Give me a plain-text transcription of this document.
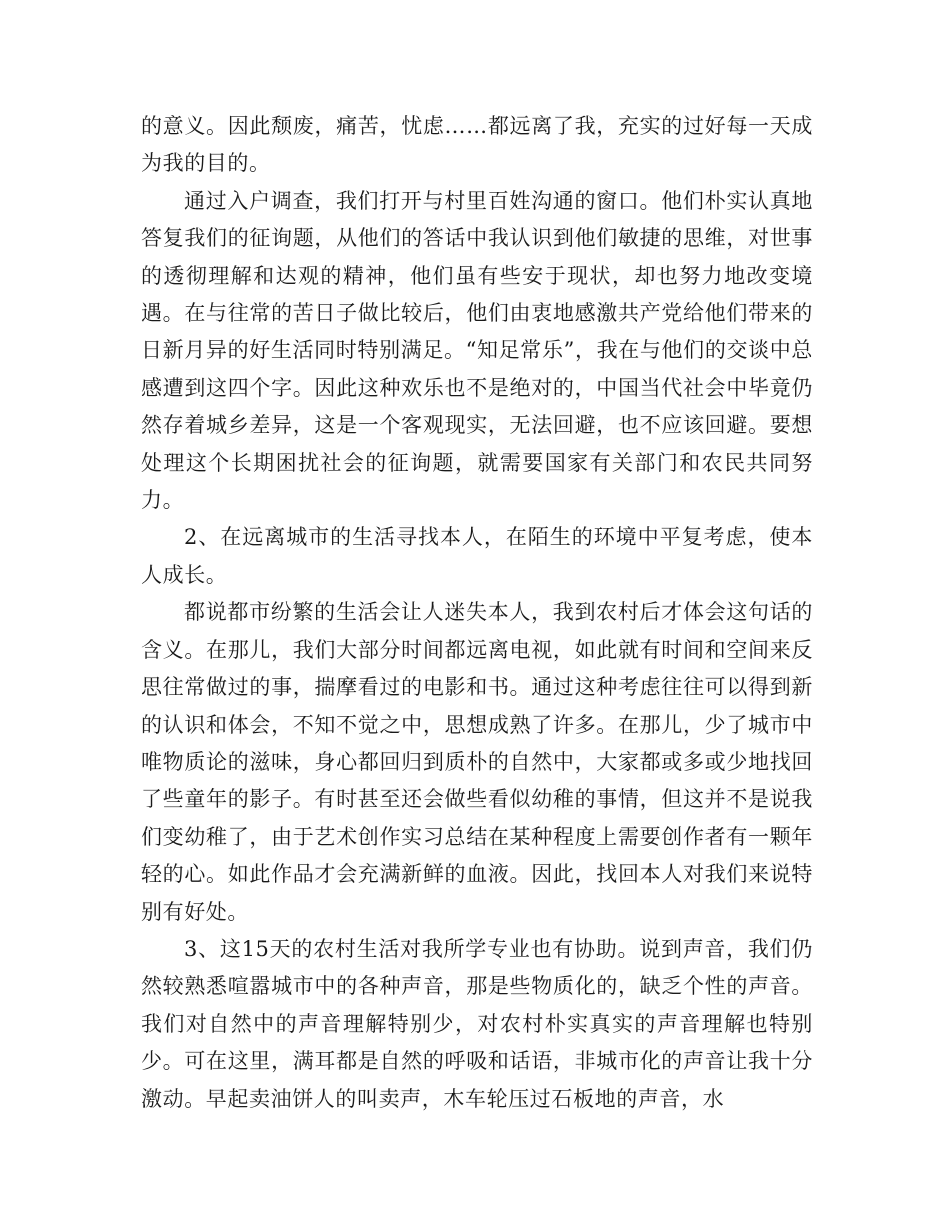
的意义。因此颓废，痛苦，忧虑……都远离了我，充实的过好每一天成为我的目的。

通过入户调查，我们打开与村里百姓沟通的窗口。他们朴实认真地答复我们的征询题，从他们的答话中我认识到他们敏捷的思维，对世事的透彻理解和达观的精神，他们虽有些安于现状，却也努力地改变境遇。在与往常的苦日子做比较后，他们由衷地感激共产党给他们带来的日新月异的好生活同时特别满足。“知足常乐”，我在与他们的交谈中总感遭到这四个字。因此这种欢乐也不是绝对的，中国当代社会中毕竟仍然存着城乡差异，这是一个客观现实，无法回避，也不应该回避。要想处理这个长期困扰社会的征询题，就需要国家有关部门和农民共同努力。

2、在远离城市的生活寻找本人，在陌生的环境中平复考虑，使本人成长。

都说都市纷繁的生活会让人迷失本人，我到农村后才体会这句话的含义。在那儿，我们大部分时间都远离电视，如此就有时间和空间来反思往常做过的事，揣摩看过的电影和书。通过这种考虑往往可以得到新的认识和体会，不知不觉之中，思想成熟了许多。在那儿，少了城市中唯物质论的滋味，身心都回归到质朴的自然中，大家都或多或少地找回了些童年的影子。有时甚至还会做些看似幼稚的事情，但这并不是说我们变幼稚了，由于艺术创作实习总结在某种程度上需要创作者有一颗年轻的心。如此作品才会充满新鲜的血液。因此，找回本人对我们来说特别有好处。

3、这15天的农村生活对我所学专业也有协助。说到声音，我们仍然较熟悉喧嚣城市中的各种声音，那是些物质化的，缺乏个性的声音。我们对自然中的声音理解特别少，对农村朴实真实的声音理解也特别少。可在这里，满耳都是自然的呼吸和话语，非城市化的声音让我十分激动。早起卖油饼人的叫卖声，木车轮压过石板地的声音，水
